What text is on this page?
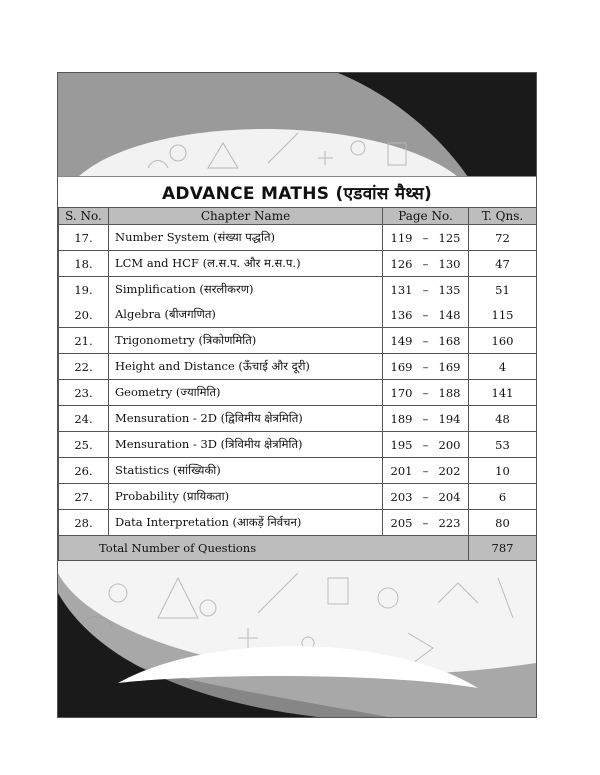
ADVANCE MATHS (एडवांस मैथ्स)
S. No.	Chapter Name	Page No.	T. Qns.
17.	Number System (संख्या पद्धति)	119 – 125	72
18.	LCM and HCF (ल.स.प. और म.स.प.)	126 – 130	47
19.	Simplification (सरलीकरण)	131 – 135	51
20.	Algebra (बीजगणित)	136 – 148	115
21.	Trigonometry (त्रिकोणमिति)	149 – 168	160
22.	Height and Distance (ऊँचाई और दूरी)	169 – 169	4
23.	Geometry (ज्यामिति)	170 – 188	141
24.	Mensuration - 2D (द्विविमीय क्षेत्रमिति)	189 – 194	48
25.	Mensuration - 3D (त्रिविमीय क्षेत्रमिति)	195 – 200	53
26.	Statistics (सांख्यिकी)	201 – 202	10
27.	Probability (प्रायिकता)	203 – 204	6
28.	Data Interpretation (आकड़ें निर्वचन)	205 – 223	80
Total Number of Questions			787
